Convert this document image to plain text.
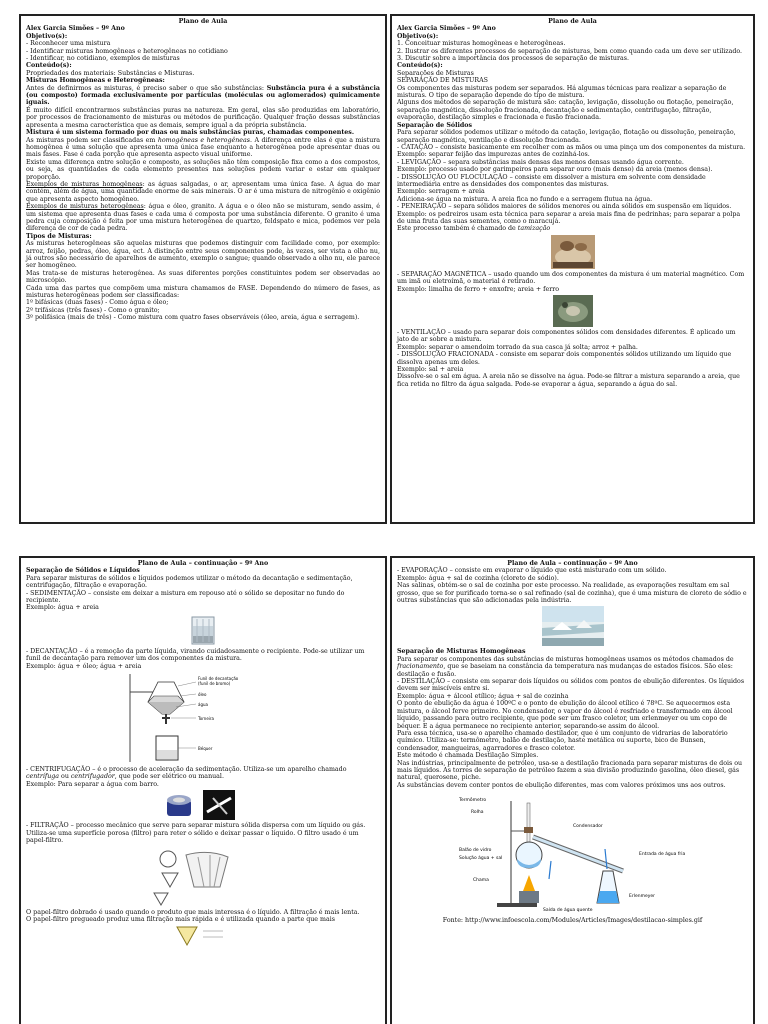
Plano de Aula

Alex Garcia Simões – 9º Ano

Objetivo(s):

- Reconhecer uma mistura

- Identificar misturas homogêneas e heterogêneas no cotidiano

- Identificar, no cotidiano, exemplos de misturas

Conteúdo(s):

Propriedades dos materiais: Substâncias e Misturas.

Misturas Homogêneas e Heterogêneas:

Antes de definirmos as misturas, é preciso saber o que são substâncias: Substância pura é a substância (ou composto) formada exclusivamente por partículas (moléculas ou aglomerados) quimicamente iguais.

É muito difícil encontrarmos substâncias puras na natureza. Em geral, elas são produzidas em laboratório, por processos de fracionamento de misturas ou métodos de purificação. Qualquer fração dessas substâncias apresenta a mesma característica que as demais, sempre igual a da própria substância.

Mistura é um sistema formado por duas ou mais substâncias puras, chamadas componentes.

As misturas podem ser classificadas em homogêneas e heterogêneas. A diferença entre elas é que a mistura homogênea é uma solução que apresenta uma única fase enquanto a heterogênea pode apresentar duas ou mais fases. Fase é cada porção que apresenta aspecto visual uniforme.

Existe uma diferença entre solução e composto, as soluções não têm composição fixa como a dos compostos, ou seja, as quantidades de cada elemento presentes nas soluções podem variar e estar em qualquer proporção.

Exemplos de misturas homogêneas: as águas salgadas, o ar, apresentam uma única fase. A água do mar contém, além de água, uma quantidade enorme de sais minerais. O ar é uma mistura de nitrogênio e oxigênio que apresenta aspecto homogêneo.

Exemplos de misturas heterogêneas: água e óleo, granito. A água e o óleo não se misturam, sendo assim, é um sistema que apresenta duas fases e cada uma é composta por uma substância diferente. O granito é uma pedra cuja composição é feita por uma mistura heterogênea de quartzo, feldspato e mica, podemos ver pela diferença de cor de cada pedra.

Tipos de Misturas:

As misturas heterogêneas são aquelas misturas que podemos distinguir com facilidade como, por exemplo: arroz, feijão, pedras, óleo, água, ect. A distinção entre seus componentes pode, às vezes, ser vista a olho nu, já outros são necessário de aparelhos de aumento, exemplo o sangue; quando observado a olho nu, ele parece ser homogêneo.

Mas trata-se de misturas heterogênea. As suas diferentes porções constituintes podem ser observadas ao microscópio.

Cada uma das partes que compõem uma mistura chamamos de FASE. Dependendo do número de fases, as misturas heterogêneas podem ser classificadas:

1º bifásicas (duas fases) - Como água e óleo;

2º trifásicas (três fases) - Como o granito;

3º polifásica (mais de três) - Como mistura com quatro fases observáveis (óleo, areia, água e serragem).

Plano de Aula

Alex Garcia Simões – 9º Ano

Objetivo(s):

1. Conceituar misturas homogêneas e heterogêneas.

2. Ilustrar os diferentes processos de separação de misturas, bem como quando cada um deve ser utilizado.

3. Discutir sobre a importância dos processos de separação de misturas.

Conteúdo(s):

Separações de Misturas

SEPARAÇÃO DE MISTURAS

Os componentes das misturas podem ser separados. Há algumas técnicas para realizar a separação de misturas. O tipo de separação depende do tipo de mistura.

Alguns dos métodos de separação de mistura são: catação, levigação, dissolução ou flotação, peneiração, separação magnética, dissolução fracionada, decantação e sedimentação, centrifugação, filtração, evaporação, destilação simples e fracionada e fusão fracionada.

Separação de Sólidos

Para separar sólidos podemos utilizar o método da catação, levigação, flotação ou dissolução, peneiração, separação magnética, ventilação e dissolução fracionada.

- CATAÇÃO – consiste basicamente em recolher com as mãos ou uma pinça um dos componentes da mistura.

Exemplo: separar feijão das impurezas antes de cozinhá-los.

- LEVIGAÇÃO – separa substâncias mais densas das menos densas usando água corrente.

Exemplo: processo usado por garimpeiros para separar ouro (mais denso) da areia (menos densa).

- DISSOLUÇÃO OU FLOCULAÇÃO – consiste em dissolver a mistura em solvente com densidade intermediária entre as densidades dos componentes das misturas.

Exemplo: serragem + areia

Adiciona-se água na mistura. A areia fica no fundo e a serragem flutua na água.

- PENEIRAÇÃO – separa sólidos maiores de sólidos menores ou ainda sólidos em suspensão em líquidos.

Exemplo: os pedreiros usam esta técnica para separar a areia mais fina de pedrinhas; para separar a polpa de uma fruta das suas sementes, como o maracujá.

Este processo também é chamado de tamização

- SEPARAÇÃO MAGNÉTICA – usado quando um dos componentes da mistura é um material magnético. Com um imã ou eletroímã, o material é retirado.

Exemplo: limalha de ferro + enxofre; areia + ferro

- VENTILAÇÃO – usado para separar dois componentes sólidos com densidades diferentes. É aplicado um jato de ar sobre a mistura.

Exemplo: separar o amendoim torrado da sua casca já solta; arroz + palha.

- DISSOLUÇÃO FRACIONADA - consiste em separar dois componentes sólidos utilizando um líquido que dissolva apenas um deles.

Exemplo: sal + areia

Dissolve-se o sal em água. A areia não se dissolve na água. Pode-se filtrar a mistura separando a areia, que fica retida no filtro da água salgada. Pode-se evaporar a água, separando a água do sal.

Plano de Aula – continuação – 9º Ano

Separação de Sólidos e Líquidos

Para separar misturas de sólidos e líquidos podemos utilizar o método da decantação e sedimentação, centrifugação, filtração e evaporação.

- SEDIMENTAÇÃO – consiste em deixar a mistura em repouso até o sólido se depositar no fundo do recipiente.

Exemplo: água + areia

- DECANTAÇÃO – é a remoção da parte líquida, virando cuidadosamente o recipiente. Pode-se utilizar um funil de decantação para remover um dos componentes da mistura.

Exemplo: água + óleo; água + areia

Funil de decantação
(funil de bromo)
óleo
água
Torneira
Béquer

- CENTRIFUGAÇÃO – é o processo de aceleração da sedimentação. Utiliza-se um aparelho chamado centrífuga ou centrifugador, que pode ser elétrico ou manual.

Exemplo: Para separar a água com barro.

- FILTRAÇÃO – processo mecânico que serve para separar mistura sólida dispersa com um líquido ou gás. Utiliza-se uma superfície porosa (filtro) para reter o sólido e deixar passar o líquido. O filtro usado é um papel-filtro.

O papel-filtro dobrado é usado quando o produto que mais interessa é o líquido. A filtração é mais lenta.

O papel-filtro pregueado produz uma filtração mais rápida e é utilizada quando a parte que mais

Plano de Aula – continuação – 9º Ano

- EVAPORAÇÃO – consiste em evaporar o líquido que está misturado com um sólido.

Exemplo: água + sal de cozinha (cloreto de sódio).

Nas salinas, obtém-se o sal de cozinha por este processo. Na realidade, as evaporações resultam em sal grosso, que se for purificado torna-se o sal refinado (sal de cozinha), que é uma mistura de cloreto de sódio e outras substâncias que são adicionadas pela indústria.

Separação de Misturas Homogêneas

Para separar os componentes das substâncias de misturas homogêneas usamos os métodos chamados de fracionamento, que se baseiam na constância da temperatura nas mudanças de estados físicos. São eles: destilação e fusão.

- DESTILAÇÃO – consiste em separar dois líquidos ou sólidos com pontos de ebulição diferentes. Os líquidos devem ser miscíveis entre si.

Exemplo: água + álcool etílico; água + sal de cozinha

O ponto de ebulição da água é 100ºC e o ponto de ebulição do álcool etílico é 78ºC. Se aquecermos esta mistura, o álcool ferve primeiro. No condensador, o vapor do álcool é resfriado e transformado em álcool líquido, passando para outro recipiente, que pode ser um frasco coletor, um erlenmeyer ou um copo de béquer. E a água permanece no recipiente anterior, separando-se assim do álcool.

Para essa técnica, usa-se o aparelho chamado destilador, que é um conjunto de vidrarias de laboratório químico. Utiliza-se: termômetro, balão de destilação, haste metálica ou suporte, bico de Bunsen, condensador, mangueiras, agarradores e frasco coletor.

Este método é chamada Destilação Simples.

Nas indústrias, principalmente de petróleo, usa-se a destilação fracionada para separar misturas de dois ou mais líquidos. As torres de separação de petróleo fazem a sua divisão produzindo gasolina, óleo diesel, gás natural, querosene, piche.

As substâncias devem conter pontos de ebulição diferentes, mas com valores próximos uns aos outros.

Termômetro
Rolha
Condensador
Balão de vidro
Solução água + sal
Chama
Entrada de água fria
Erlenmeyer
Saída de água quente

Fonte: http://www.infoescola.com/Modules/Articles/Images/destilacao-simples.gif
